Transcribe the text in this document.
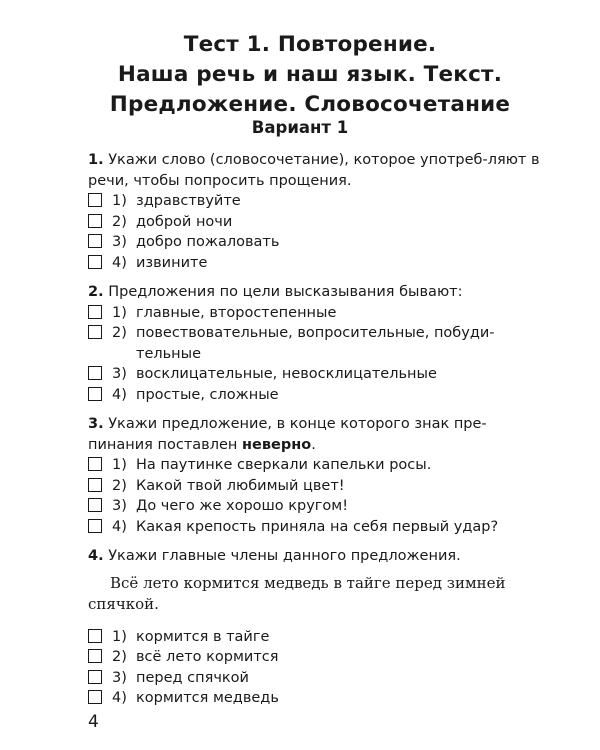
Тест 1. Повторение.
Наша речь и наш язык. Текст.
Предложение. Словосочетание
Вариант 1
1. Укажи слово (словосочетание), которое употреб-ляют в речи, чтобы попросить прощения.
1) здравствуйте
2) доброй ночи
3) добро пожаловать
4) извините
2. Предложения по цели высказывания бывают:
1) главные, второстепенные
2) повествовательные, вопросительные, побуди-тельные
3) восклицательные, невосклицательные
4) простые, сложные
3. Укажи предложение, в конце которого знак пре-пинания поставлен неверно.
1) На паутинке сверкали капельки росы.
2) Какой твой любимый цвет!
3) До чего же хорошо кругом!
4) Какая крепость приняла на себя первый удар?
4. Укажи главные члены данного предложения.
Всё лето кормится медведь в тайге перед зимней спячкой.
1) кормится в тайге
2) всё лето кормится
3) перед спячкой
4) кормится медведь
4
